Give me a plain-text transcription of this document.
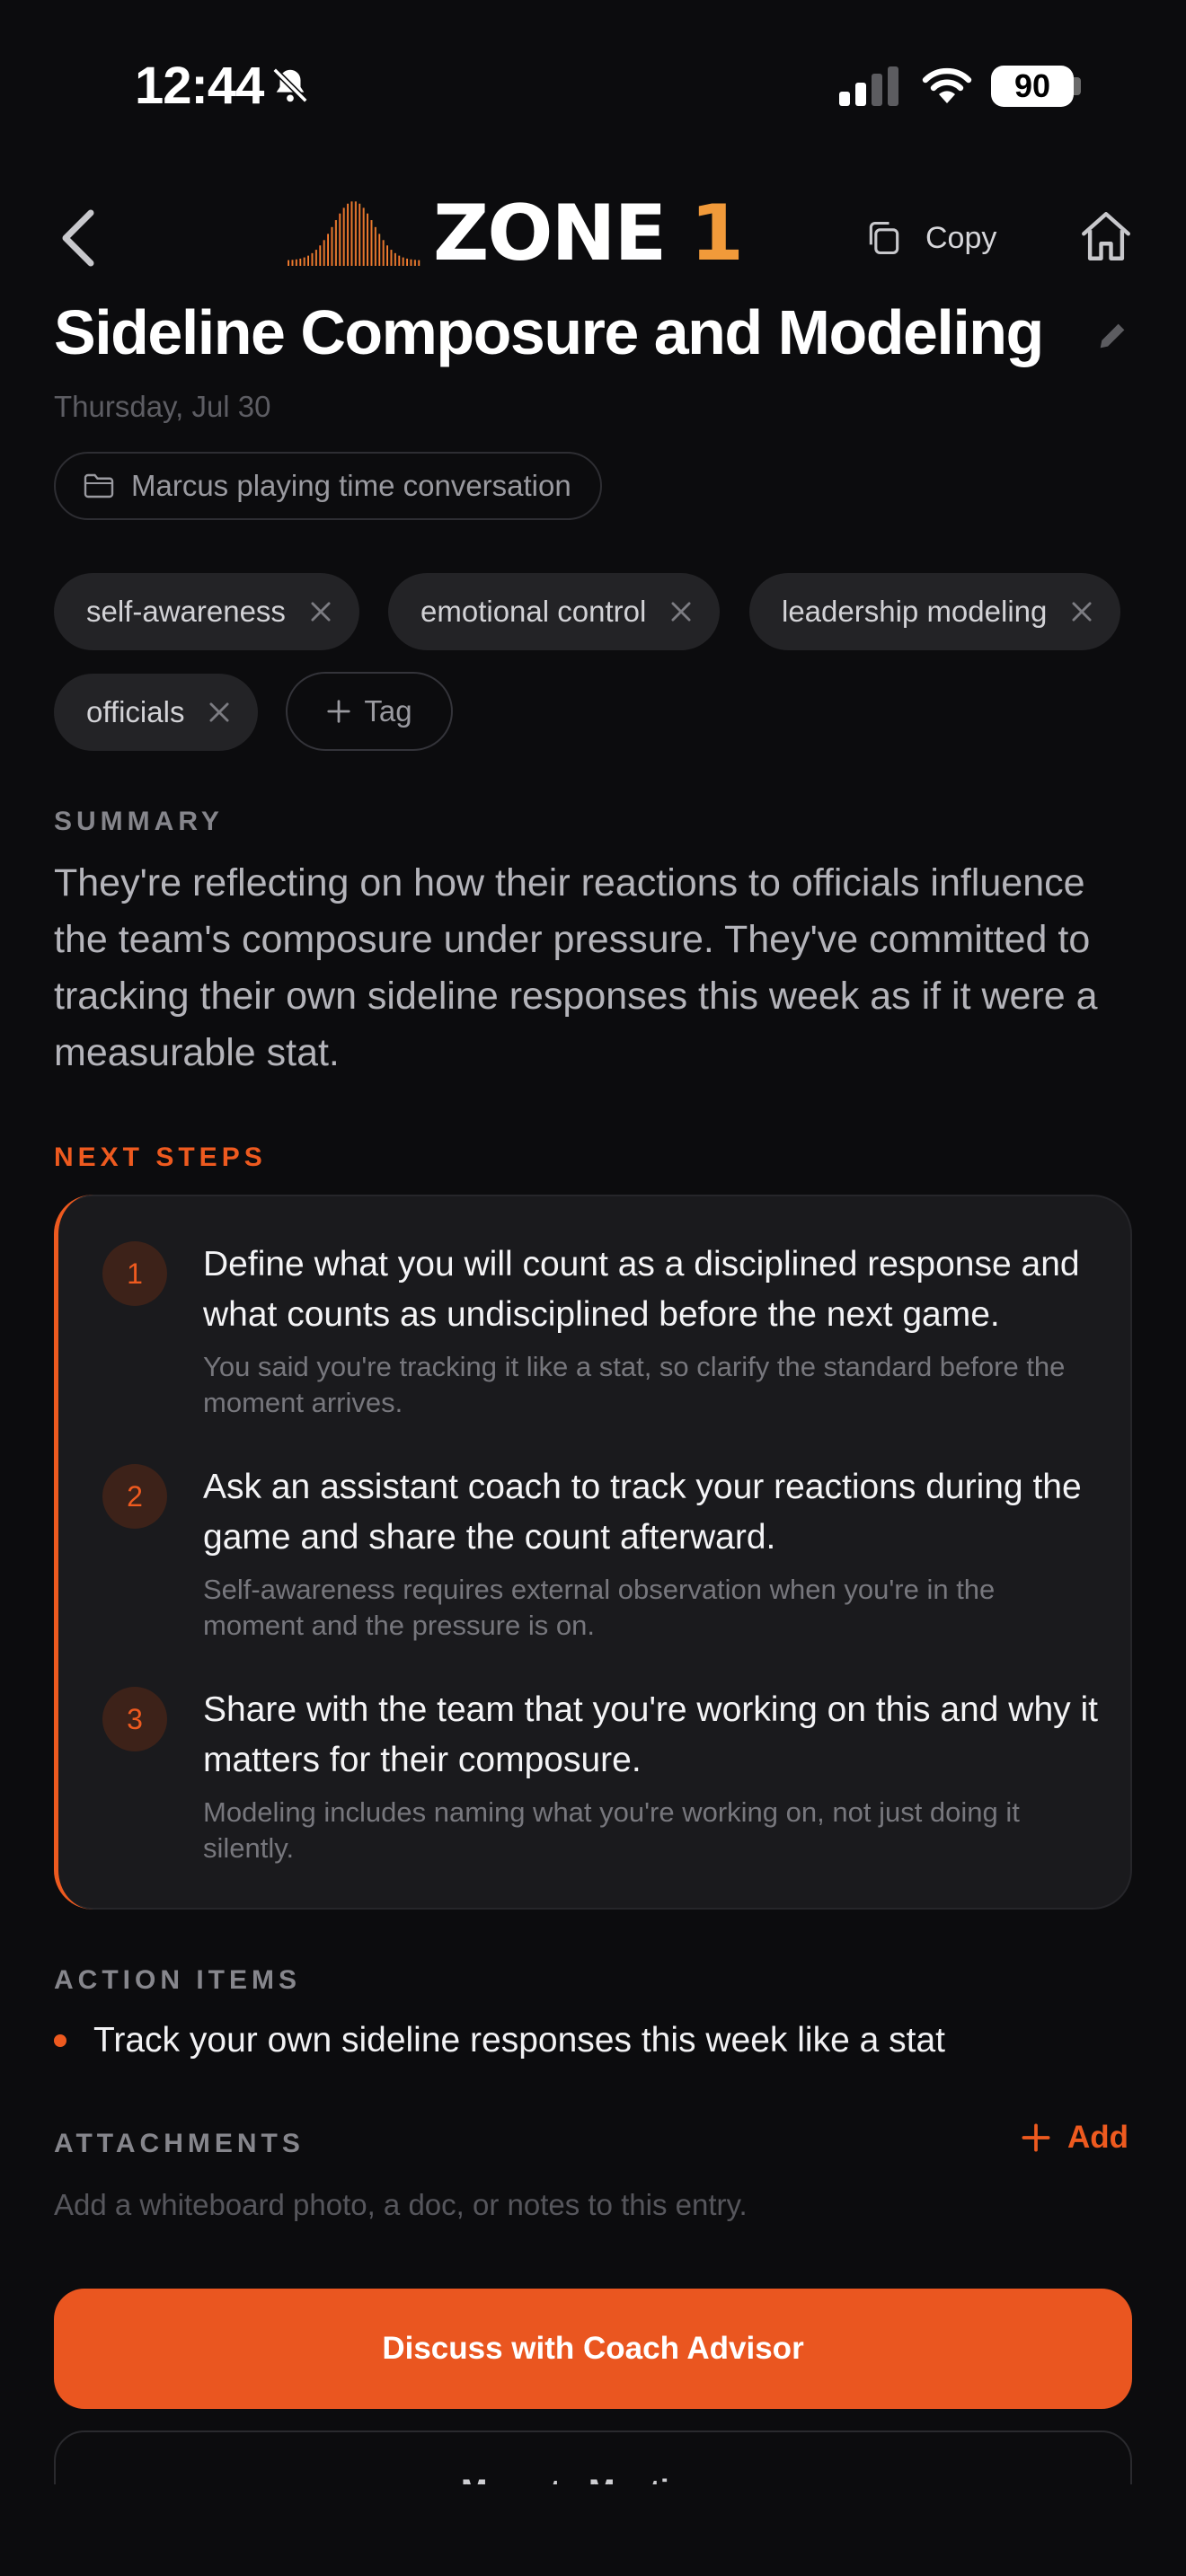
12:44	90
ZONE 1	Copy
Sideline Composure and Modeling
Thursday, Jul 30
Marcus playing time conversation
self-awareness	emotional control	leadership modeling
officials	Tag
SUMMARY
They're reflecting on how their reactions to officials influence the team's composure under pressure. They've committed to tracking their own sideline responses this week as if it were a measurable stat.
NEXT STEPS
1	Define what you will count as a disciplined response and what counts as undisciplined before the next game.
You said you're tracking it like a stat, so clarify the standard before the moment arrives.
2	Ask an assistant coach to track your reactions during the game and share the count afterward.
Self-awareness requires external observation when you're in the moment and the pressure is on.
3	Share with the team that you're working on this and why it matters for their composure.
Modeling includes naming what you're working on, not just doing it silently.
ACTION ITEMS
Track your own sideline responses this week like a stat
ATTACHMENTS	Add
Add a whiteboard photo, a doc, or notes to this entry.
Discuss with Coach Advisor
